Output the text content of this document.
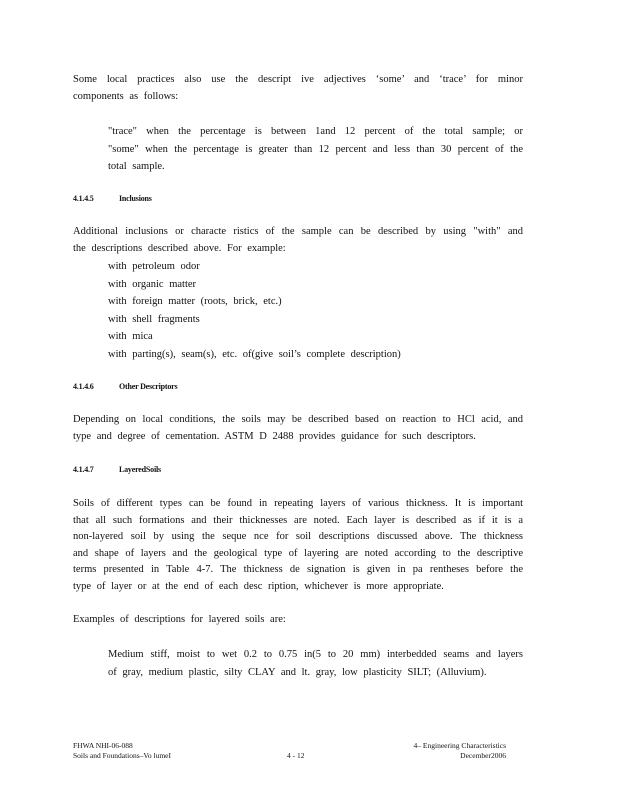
Some local practices also use the descript ive adjectives ‘some’ and ‘trace’ for minor
components as follows:
"trace" when the percentage is between 1and 12 percent of the total sample; or
"some" when the percentage is greater than 12 percent and less than 30 percent of the
total sample.
4.1.4.5	Inclusions
Additional inclusions or characte ristics of the sample can be described by using "with" and
the descriptions described above. For example:
with petroleum odor
with organic matter
with foreign matter (roots, brick, etc.)
with shell fragments
with mica
with parting(s), seam(s), etc. of(give soil’s complete description)
4.1.4.6	Other Descriptors
Depending on local conditions, the soils may be described based on reaction to HCl acid, and
type and degree of cementation. ASTM D 2488 provides guidance for such descriptors.
4.1.4.7	LayeredSoils
Soils of different types can be found in repeating layers of various thickness. It is important
that all such formations and their thicknesses are noted. Each layer is described as if it is a
non-layered soil by using the seque nce for soil descriptions discussed above. The thickness
and shape of layers and the geological type of layering are noted according to the descriptive
terms presented in Table 4-7. The thickness de signation is given in pa rentheses before the
type of layer or at the end of each desc ription, whichever is more appropriate.
Examples of descriptions for layered soils are:
Medium stiff, moist to wet 0.2 to 0.75 in(5 to 20 mm) interbedded seams and layers
of gray, medium plastic, silty CLAY and lt. gray, low plasticity SILT; (Alluvium).
FHWA NHI-06-088
Soils and Foundations–Vo lumeI	4 - 12
4– Engineering Characteristics
December2006
